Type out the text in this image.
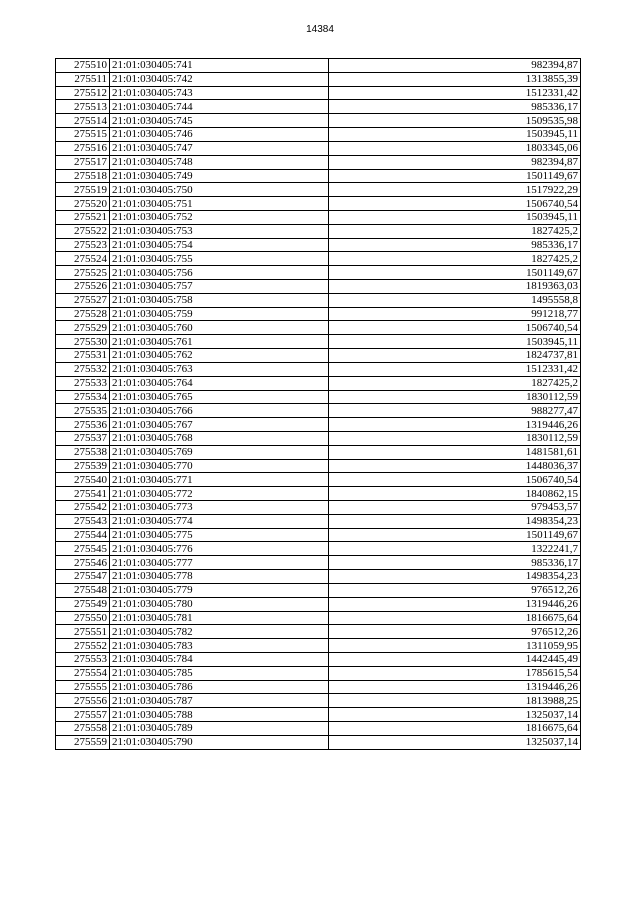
14384
275510	21:01:030405:741	982394,87
275511	21:01:030405:742	1313855,39
275512	21:01:030405:743	1512331,42
275513	21:01:030405:744	985336,17
275514	21:01:030405:745	1509535,98
275515	21:01:030405:746	1503945,11
275516	21:01:030405:747	1803345,06
275517	21:01:030405:748	982394,87
275518	21:01:030405:749	1501149,67
275519	21:01:030405:750	1517922,29
275520	21:01:030405:751	1506740,54
275521	21:01:030405:752	1503945,11
275522	21:01:030405:753	1827425,2
275523	21:01:030405:754	985336,17
275524	21:01:030405:755	1827425,2
275525	21:01:030405:756	1501149,67
275526	21:01:030405:757	1819363,03
275527	21:01:030405:758	1495558,8
275528	21:01:030405:759	991218,77
275529	21:01:030405:760	1506740,54
275530	21:01:030405:761	1503945,11
275531	21:01:030405:762	1824737,81
275532	21:01:030405:763	1512331,42
275533	21:01:030405:764	1827425,2
275534	21:01:030405:765	1830112,59
275535	21:01:030405:766	988277,47
275536	21:01:030405:767	1319446,26
275537	21:01:030405:768	1830112,59
275538	21:01:030405:769	1481581,61
275539	21:01:030405:770	1448036,37
275540	21:01:030405:771	1506740,54
275541	21:01:030405:772	1840862,15
275542	21:01:030405:773	979453,57
275543	21:01:030405:774	1498354,23
275544	21:01:030405:775	1501149,67
275545	21:01:030405:776	1322241,7
275546	21:01:030405:777	985336,17
275547	21:01:030405:778	1498354,23
275548	21:01:030405:779	976512,26
275549	21:01:030405:780	1319446,26
275550	21:01:030405:781	1816675,64
275551	21:01:030405:782	976512,26
275552	21:01:030405:783	1311059,95
275553	21:01:030405:784	1442445,49
275554	21:01:030405:785	1785615,54
275555	21:01:030405:786	1319446,26
275556	21:01:030405:787	1813988,25
275557	21:01:030405:788	1325037,14
275558	21:01:030405:789	1816675,64
275559	21:01:030405:790	1325037,14
